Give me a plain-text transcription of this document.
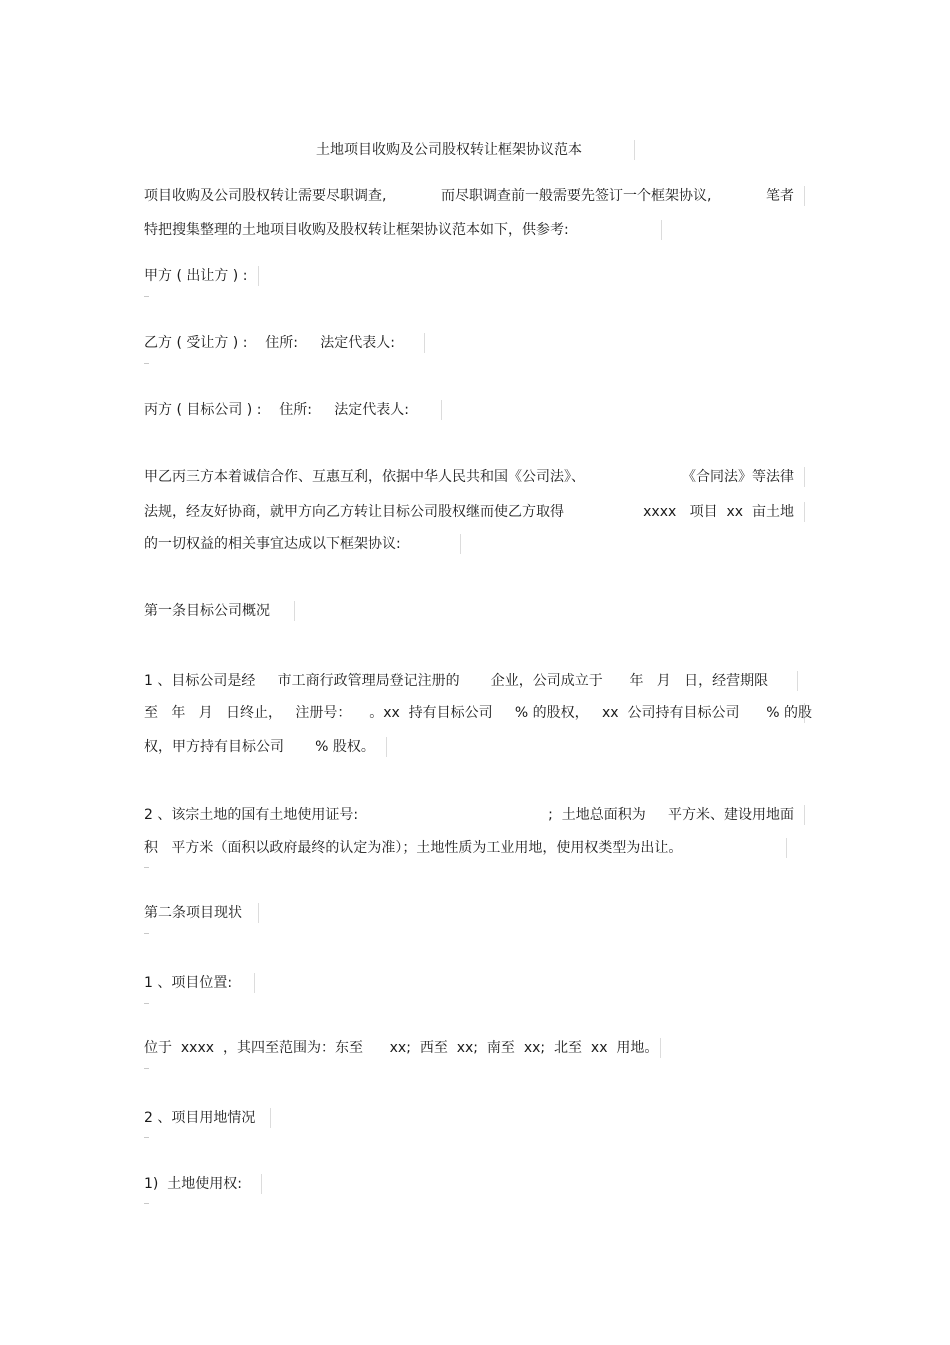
土地项目收购及公司股权转让框架协议范本
项目收购及公司股权转让需要尽职调查,	而尽职调查前一般需要先签订一个框架协议,	笔者
特把搜集整理的土地项目收购及股权转让框架协议范本如下，供参考:
甲方 ( 出让方 ) :
乙方 ( 受让方 ) :    住所:     法定代表人:
丙方 ( 目标公司 ) :    住所:     法定代表人:
甲乙丙三方本着诚信合作、互惠互利，依据中华人民共和国《公司法》、	《合同法》等法律
法规，经友好协商，就甲方向乙方转让目标公司股权继而使乙方取得	xxxx   项目  xx  亩土地
的一切权益的相关事宜达成以下框架协议:
第一条目标公司概况
1 、目标公司是经     市工商行政管理局登记注册的       企业，公司成立于      年   月   日，经营期限
至   年   月   日终止，   注册号：    。xx  持有目标公司     % 的股权，   xx  公司持有目标公司      % 的股
权，甲方持有目标公司       % 股权。
2 、该宗土地的国有土地使用证号:	;  土地总面积为     平方米、建设用地面
积   平方米（面积以政府最终的认定为准）；土地性质为工业用地，使用权类型为出让。
第二条项目现状
1 、项目位置:
位于  xxxx  ，其四至范围为：东至      xx;  西至  xx;  南至  xx;  北至  xx  用地。
2 、项目用地情况
1)  土地使用权:
